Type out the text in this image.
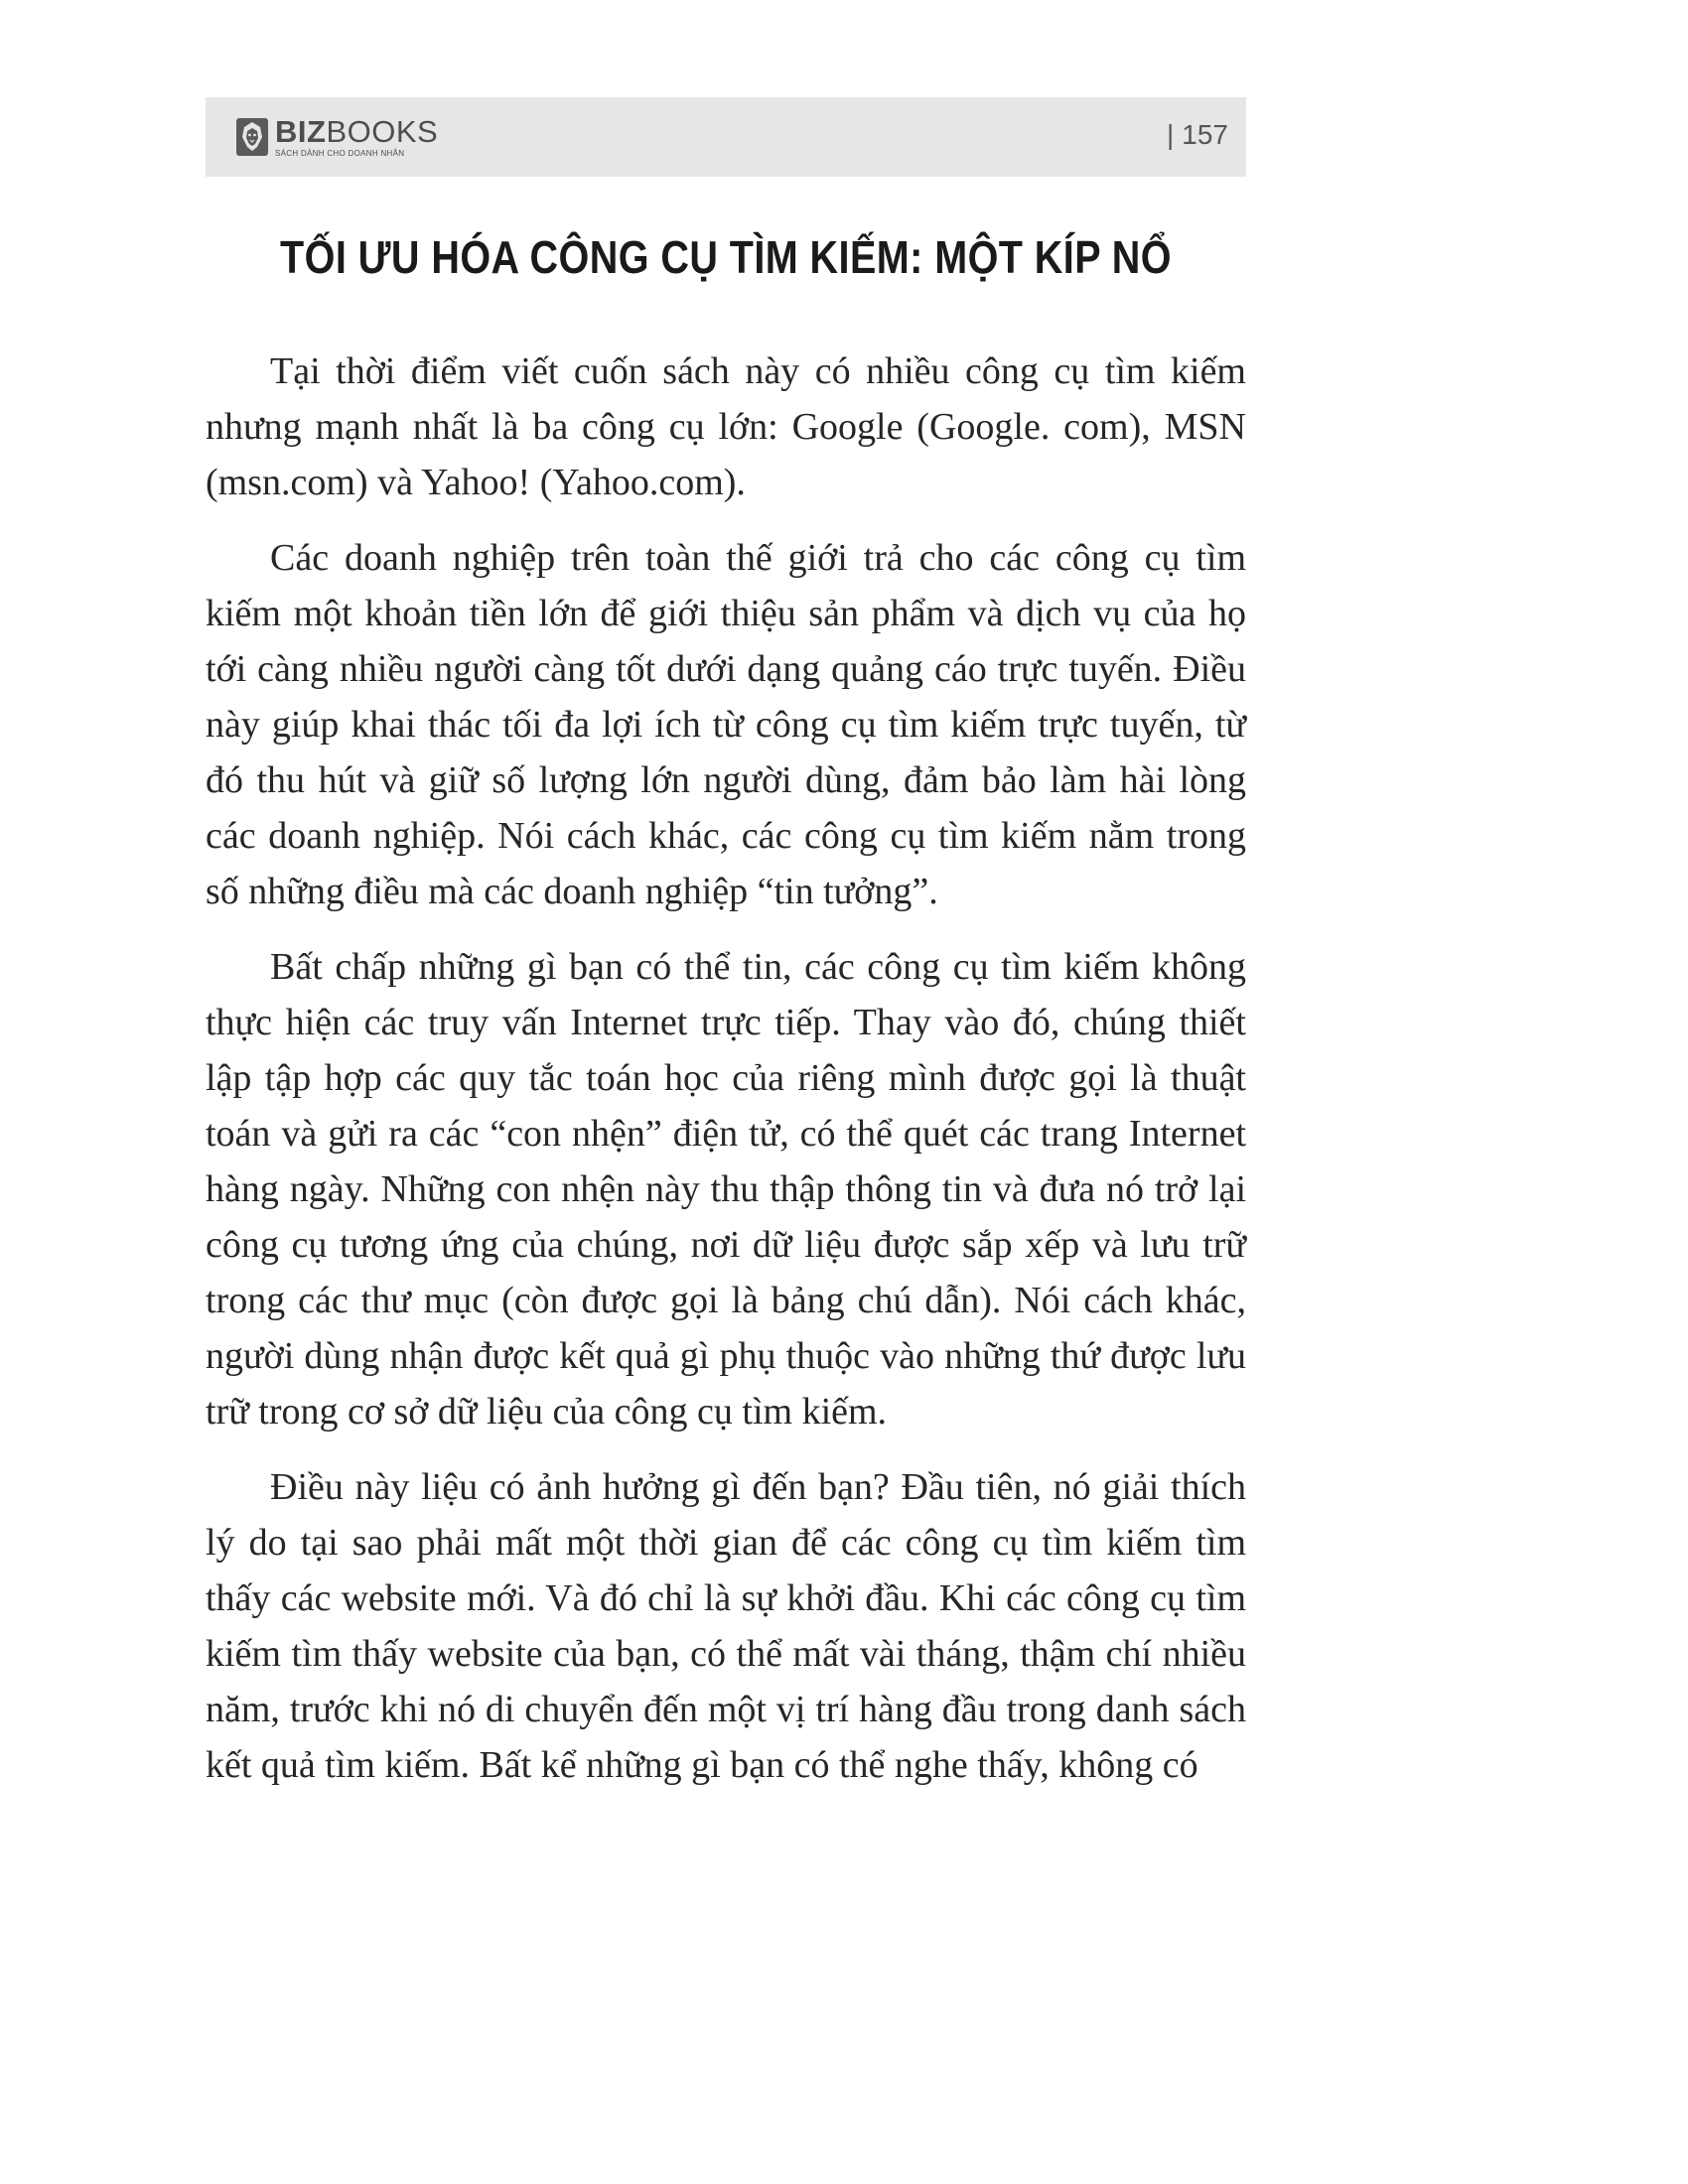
BIZBOOKS
SÁCH DÀNH CHO DOANH NHÂN
| 157
TỐI ƯU HÓA CÔNG CỤ TÌM KIẾM: MỘT KÍP NỔ

Tại thời điểm viết cuốn sách này có nhiều công cụ tìm kiếm nhưng mạnh nhất là ba công cụ lớn: Google (Google. com), MSN (msn.com) và Yahoo! (Yahoo.com).

Các doanh nghiệp trên toàn thế giới trả cho các công cụ tìm kiếm một khoản tiền lớn để giới thiệu sản phẩm và dịch vụ của họ tới càng nhiều người càng tốt dưới dạng quảng cáo trực tuyến. Điều này giúp khai thác tối đa lợi ích từ công cụ tìm kiếm trực tuyến, từ đó thu hút và giữ số lượng lớn người dùng, đảm bảo làm hài lòng các doanh nghiệp. Nói cách khác, các công cụ tìm kiếm nằm trong số những điều mà các doanh nghiệp “tin tưởng”.

Bất chấp những gì bạn có thể tin, các công cụ tìm kiếm không thực hiện các truy vấn Internet trực tiếp. Thay vào đó, chúng thiết lập tập hợp các quy tắc toán học của riêng mình được gọi là thuật toán và gửi ra các “con nhện” điện tử, có thể quét các trang Internet hàng ngày. Những con nhện này thu thập thông tin và đưa nó trở lại công cụ tương ứng của chúng, nơi dữ liệu được sắp xếp và lưu trữ trong các thư mục (còn được gọi là bảng chú dẫn). Nói cách khác, người dùng nhận được kết quả gì phụ thuộc vào những thứ được lưu trữ trong cơ sở dữ liệu của công cụ tìm kiếm.

Điều này liệu có ảnh hưởng gì đến bạn? Đầu tiên, nó giải thích lý do tại sao phải mất một thời gian để các công cụ tìm kiếm tìm thấy các website mới. Và đó chỉ là sự khởi đầu. Khi các công cụ tìm kiếm tìm thấy website của bạn, có thể mất vài tháng, thậm chí nhiều năm, trước khi nó di chuyển đến một vị trí hàng đầu trong danh sách kết quả tìm kiếm. Bất kể những gì bạn có thể nghe thấy, không có
